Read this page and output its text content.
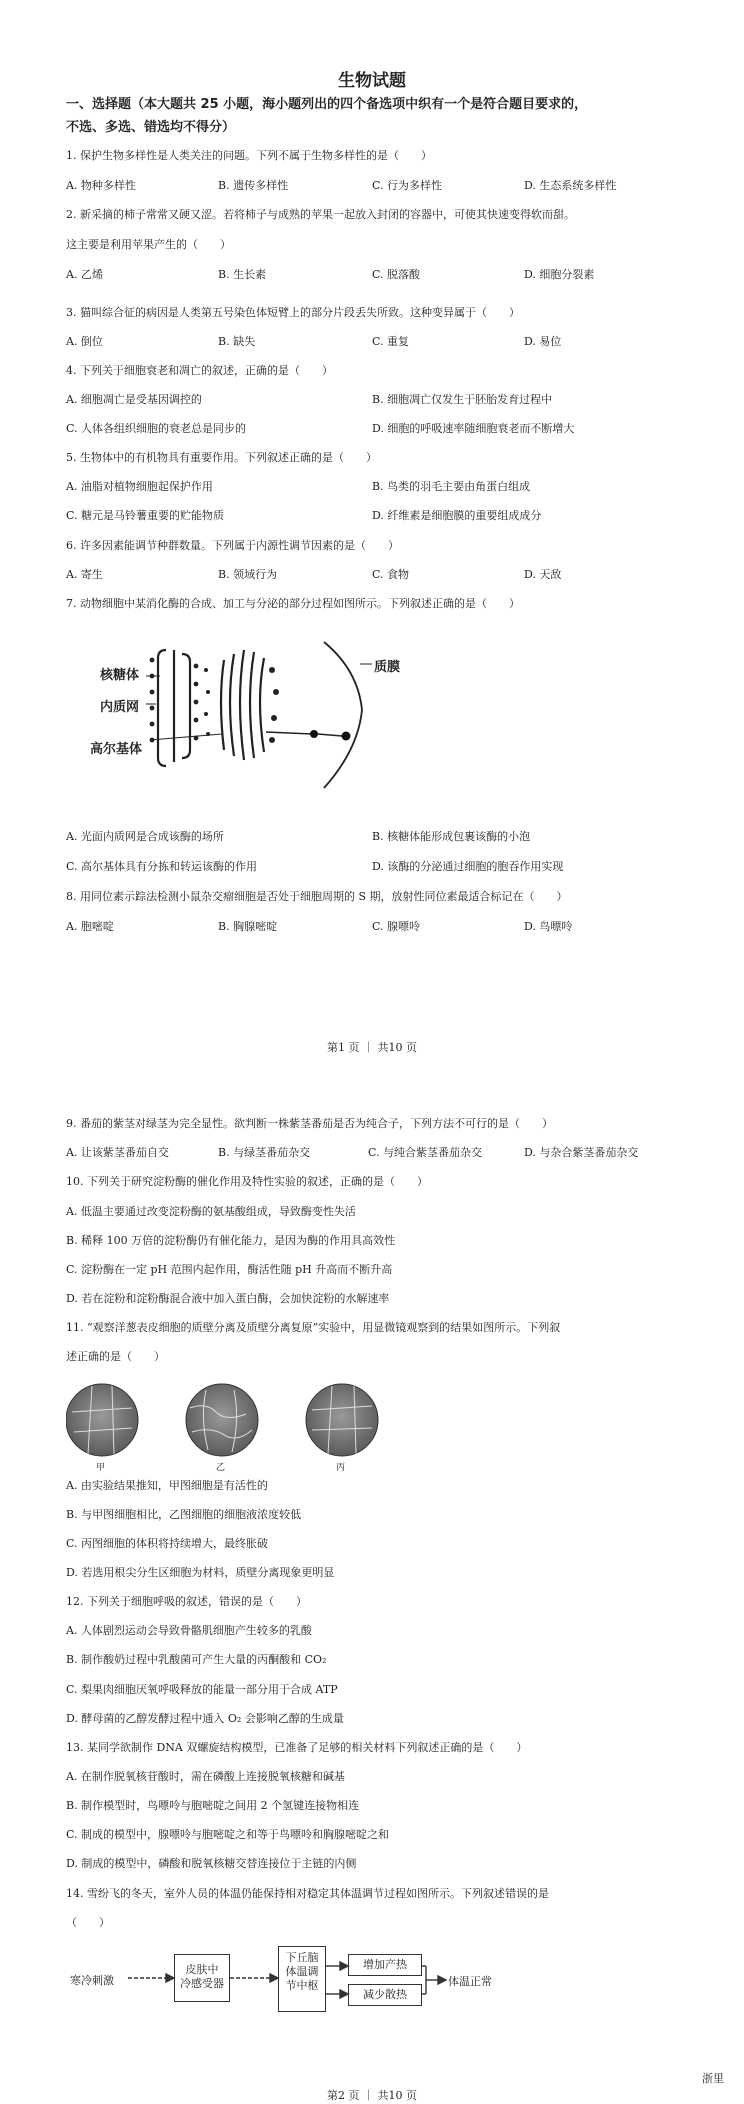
生物试题
一、选择题（本大题共 25 小题，海小题列出的四个备选项中织有一个是符合题目要求的，
不选、多选、错选均不得分）
1. 保护生物多样性是人类关注的问题。下列不属于生物多样性的是（　　）
A. 物种多样性	B. 遗传多样性	C. 行为多样性	D. 生态系统多样性
2. 新采摘的柿子常常又硬又涩。若将柿子与成熟的苹果一起放入封闭的容器中，可使其快速变得软而甜。
这主要是利用苹果产生的（　　）
A. 乙烯	B. 生长素	C. 脱落酸	D. 细胞分裂素
3. 猫叫综合征的病因是人类第五号染色体短臂上的部分片段丢失所致。这种变异属于（　　）
A. 倒位	B. 缺失	C. 重复	D. 易位
4. 下列关于细胞衰老和凋亡的叙述，正确的是（　　）
A. 细胞凋亡是受基因调控的	B. 细胞凋亡仅发生于胚胎发育过程中
C. 人体各组织细胞的衰老总是同步的	D. 细胞的呼吸速率随细胞衰老而不断增大
5. 生物体中的有机物具有重要作用。下列叙述正确的是（　　）
A. 油脂对植物细胞起保护作用	B. 鸟类的羽毛主要由角蛋白组成
C. 糖元是马铃薯重要的贮能物质	D. 纤维素是细胞膜的重要组成成分
6. 许多因素能调节种群数量。下列属于内源性调节因素的是（　　）
A. 寄生	B. 领域行为	C. 食物	D. 天敌
7. 动物细胞中某消化酶的合成、加工与分泌的部分过程如图所示。下列叙述正确的是（　　）
核糖体
内质网
高尔基体
质膜
A. 光面内质网是合成该酶的场所	B. 核糖体能形成包裹该酶的小泡
C. 高尔基体具有分拣和转运该酶的作用	D. 该酶的分泌通过细胞的胞吞作用实现
8. 用同位素示踪法检测小鼠杂交瘤细胞是否处于细胞周期的 S 期，放射性同位素最适合标记在（　　）
A. 胞嘧啶	B. 胸腺嘧啶	C. 腺嘌呤	D. 鸟嘌呤
第1 页 ｜ 共10 页
9. 番茄的紫茎对绿茎为完全显性。欲判断一株紫茎番茄是否为纯合子，下列方法不可行的是（　　）
A. 让该紫茎番茄自交	B. 与绿茎番茄杂交	C. 与纯合紫茎番茄杂交	D. 与杂合紫茎番茄杂交
10. 下列关于研究淀粉酶的催化作用及特性实验的叙述，正确的是（　　）
A. 低温主要通过改变淀粉酶的氨基酸组成，导致酶变性失活
B. 稀释 100 万倍的淀粉酶仍有催化能力，是因为酶的作用具高效性
C. 淀粉酶在一定 pH 范围内起作用，酶活性随 pH 升高而不断升高
D. 若在淀粉和淀粉酶混合液中加入蛋白酶，会加快淀粉的水解速率
11. “观察洋葱表皮细胞的质壁分离及质壁分离复原”实验中，用显微镜观察到的结果如图所示。下列叙
述正确的是（　　）
甲	乙	丙
A. 由实验结果推知，甲图细胞是有活性的
B. 与甲图细胞相比，乙图细胞的细胞液浓度较低
C. 丙图细胞的体积将持续增大，最终胀破
D. 若选用根尖分生区细胞为材料，质壁分离现象更明显
12. 下列关于细胞呼吸的叙述，错误的是（　　）
A. 人体剧烈运动会导致骨骼肌细胞产生较多的乳酸
B. 制作酸奶过程中乳酸菌可产生大量的丙酮酸和 CO₂
C. 梨果肉细胞厌氧呼吸释放的能量一部分用于合成 ATP
D. 酵母菌的乙醇发酵过程中通入 O₂ 会影响乙醇的生成量
13. 某同学欲制作 DNA 双螺旋结构模型，已准备了足够的相关材料下列叙述正确的是（　　）
A. 在制作脱氧核苷酸时，需在磷酸上连接脱氧核糖和碱基
B. 制作模型时，鸟嘌呤与胞嘧啶之间用 2 个氢键连接物相连
C. 制成的模型中，腺嘌呤与胞嘧啶之和等于鸟嘌呤和胸腺嘧啶之和
D. 制成的模型中，磷酸和脱氧核糖交替连接位于主链的内侧
14. 雪纷飞的冬天，室外人员的体温仍能保持相对稳定其体温调节过程如图所示。下列叙述错误的是
（　　）
寒冷刺激
皮肤中
冷感受器
下丘脑
体温调
节中枢
增加产热
减少散热
体温正常
浙里
第2 页 ｜ 共10 页
